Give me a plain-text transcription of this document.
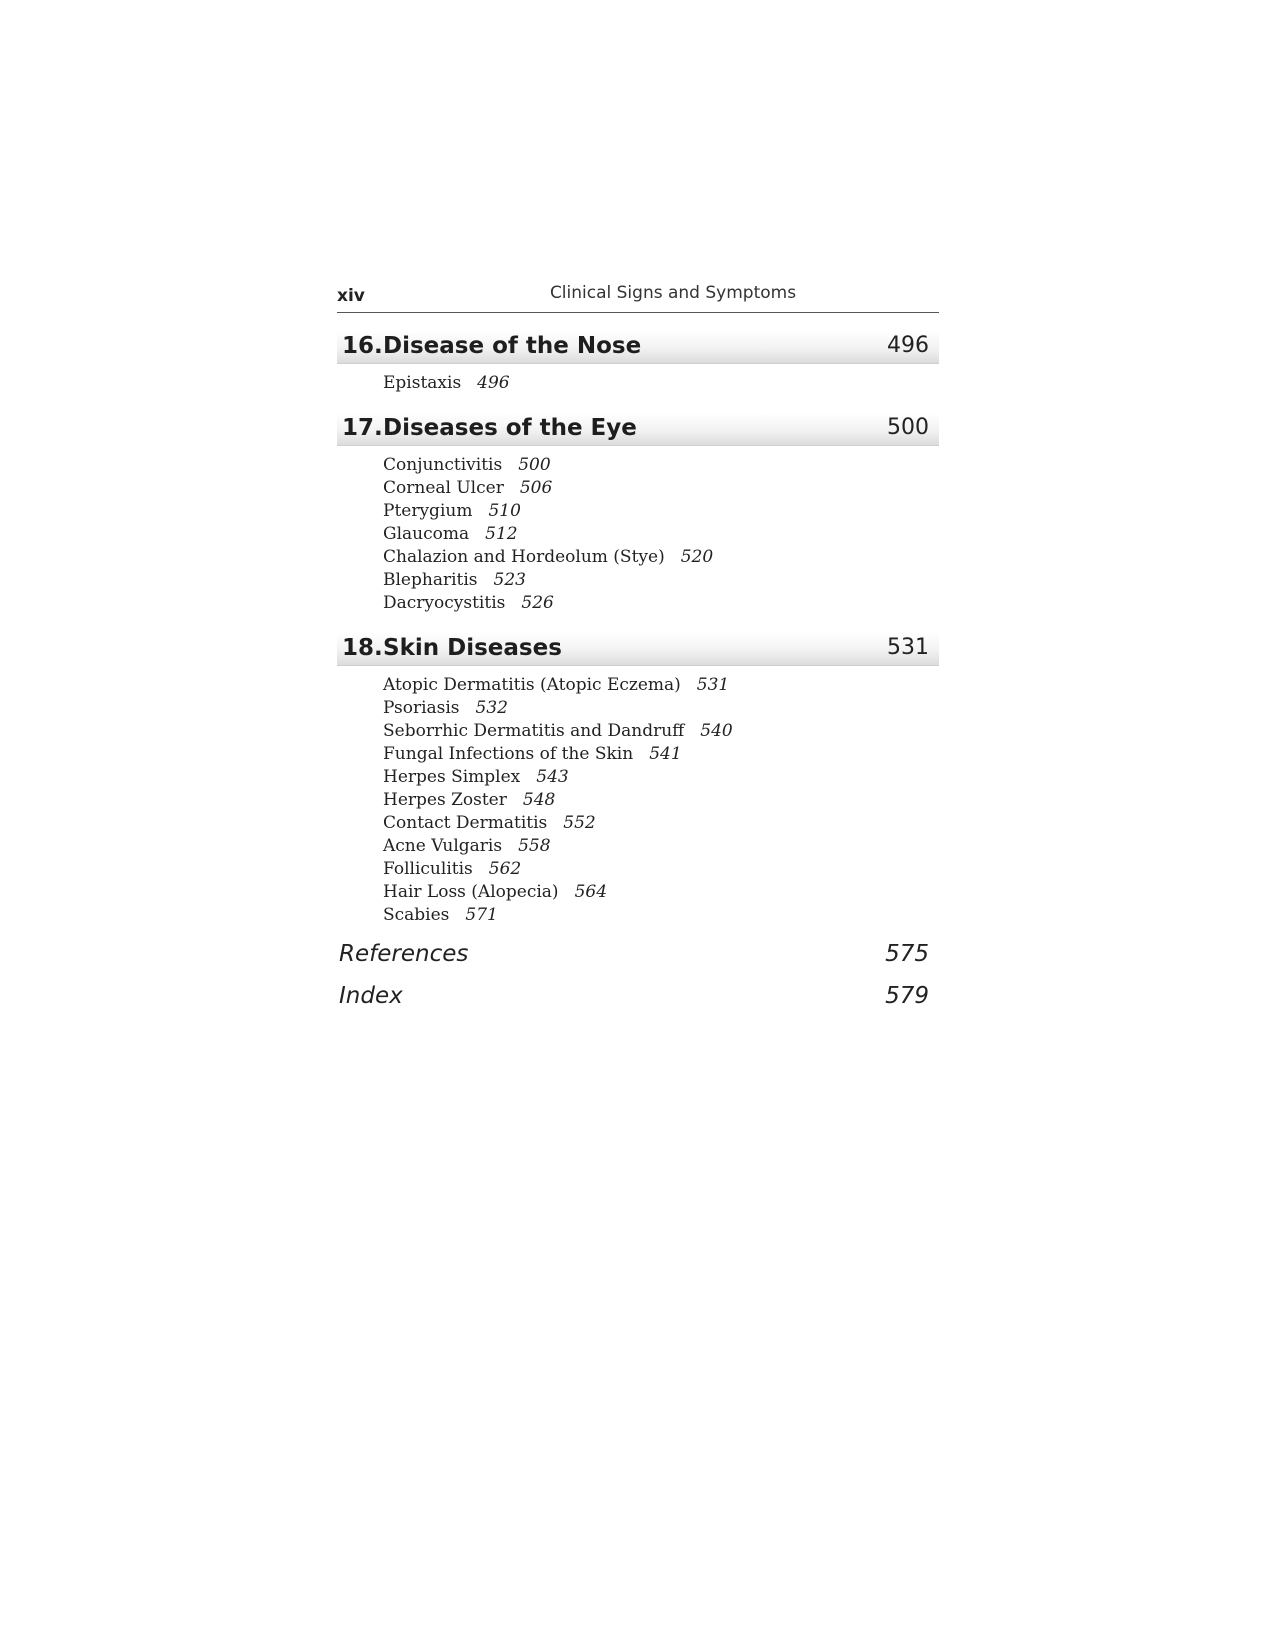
xiv	Clinical Signs and Symptoms
16. Disease of the Nose	496
Epistaxis 496
17. Diseases of the Eye	500
Conjunctivitis 500
Corneal Ulcer 506
Pterygium 510
Glaucoma 512
Chalazion and Hordeolum (Stye) 520
Blepharitis 523
Dacryocystitis 526
18. Skin Diseases	531
Atopic Dermatitis (Atopic Eczema) 531
Psoriasis 532
Seborrhic Dermatitis and Dandruff 540
Fungal Infections of the Skin 541
Herpes Simplex 543
Herpes Zoster 548
Contact Dermatitis 552
Acne Vulgaris 558
Folliculitis 562
Hair Loss (Alopecia) 564
Scabies 571
References	575
Index	579
